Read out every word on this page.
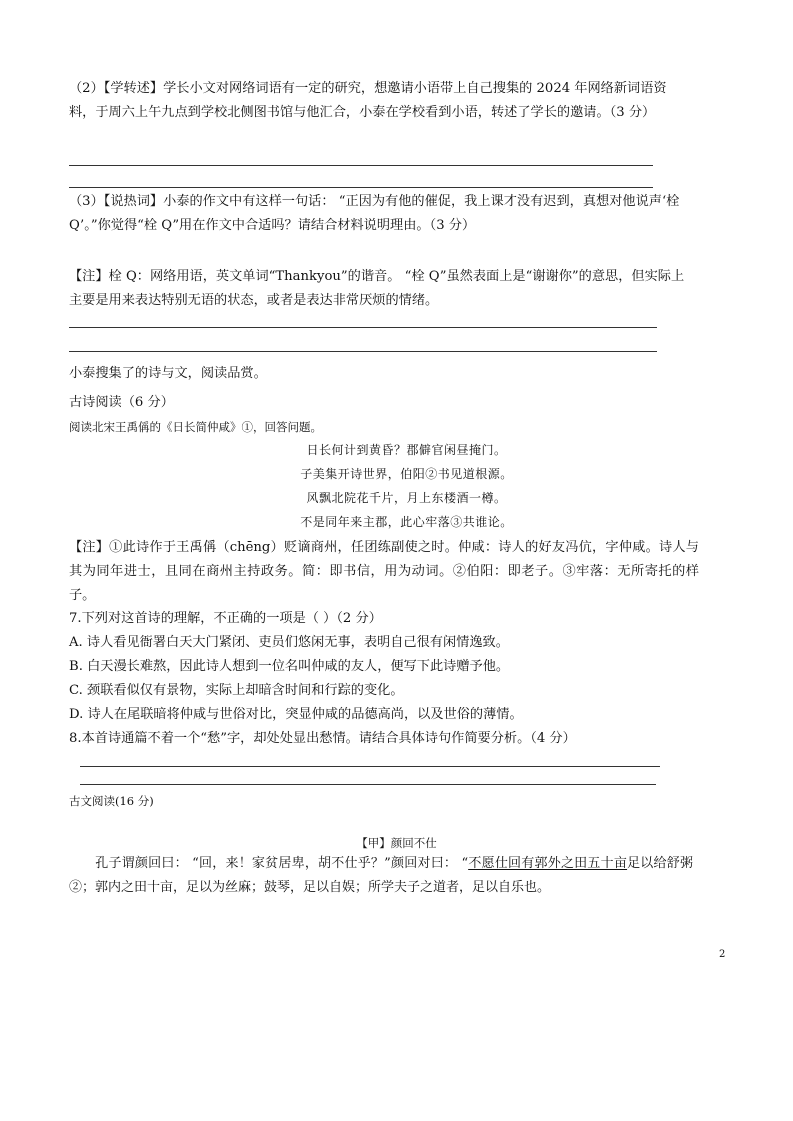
（2）【学转述】学长小文对网络词语有一定的研究，想邀请小语带上自己搜集的 2024 年网络新词语资料，于周六上午九点到学校北侧图书馆与他汇合，小泰在学校看到小语，转述了学长的邀请。（3 分）
（3）【说热词】小泰的作文中有这样一句话： “正因为有他的催促，我上课才没有迟到，真想对他说声‘栓 Q’。”你觉得“栓 Q”用在作文中合适吗？请结合材料说明理由。（3 分）
【注】栓 Q：网络用语，英文单词“Thankyou”的谐音。 “栓 Q”虽然表面上是“谢谢你”的意思，但实际上主要是用来表达特别无语的状态，或者是表达非常厌烦的情绪。
小泰搜集了的诗与文，阅读品赏。
古诗阅读（6 分）
阅读北宋王禹偁的《日长简仲咸》①，回答问题。
日长何计到黄昏？郡僻官闲昼掩门。
子美集开诗世界，伯阳②书见道根源。
风飘北院花千片，月上东楼酒一樽。
不是同年来主郡，此心牢落③共谁论。
【注】①此诗作于王禹偁（chēng）贬谪商州，任团练副使之时。仲咸：诗人的好友冯伉，字仲咸。诗人与其为同年进士，且同在商州主持政务。简：即书信，用为动词。②伯阳：即老子。③牢落：无所寄托的样子。
7.下列对这首诗的理解，不正确的一项是（ ）（2 分）
A. 诗人看见衙署白天大门紧闭、吏员们悠闲无事，表明自己很有闲情逸致。
B. 白天漫长难熬，因此诗人想到一位名叫仲咸的友人，便写下此诗赠予他。
C. 颈联看似仅有景物，实际上却暗含时间和行踪的变化。
D. 诗人在尾联暗将仲咸与世俗对比，突显仲咸的品德高尚，以及世俗的薄情。
8.本首诗通篇不着一个“愁”字，却处处显出愁情。请结合具体诗句作简要分析。（4 分）
古文阅读(16 分)
【甲】颜回不仕
孔子谓颜回曰： “回，来！家贫居卑，胡不仕乎？”颜回对曰： “不愿仕回有郭外之田五十亩足以给舒粥②；郭内之田十亩，足以为丝麻；鼓琴，足以自娱；所学夫子之道者，足以自乐也。
2
